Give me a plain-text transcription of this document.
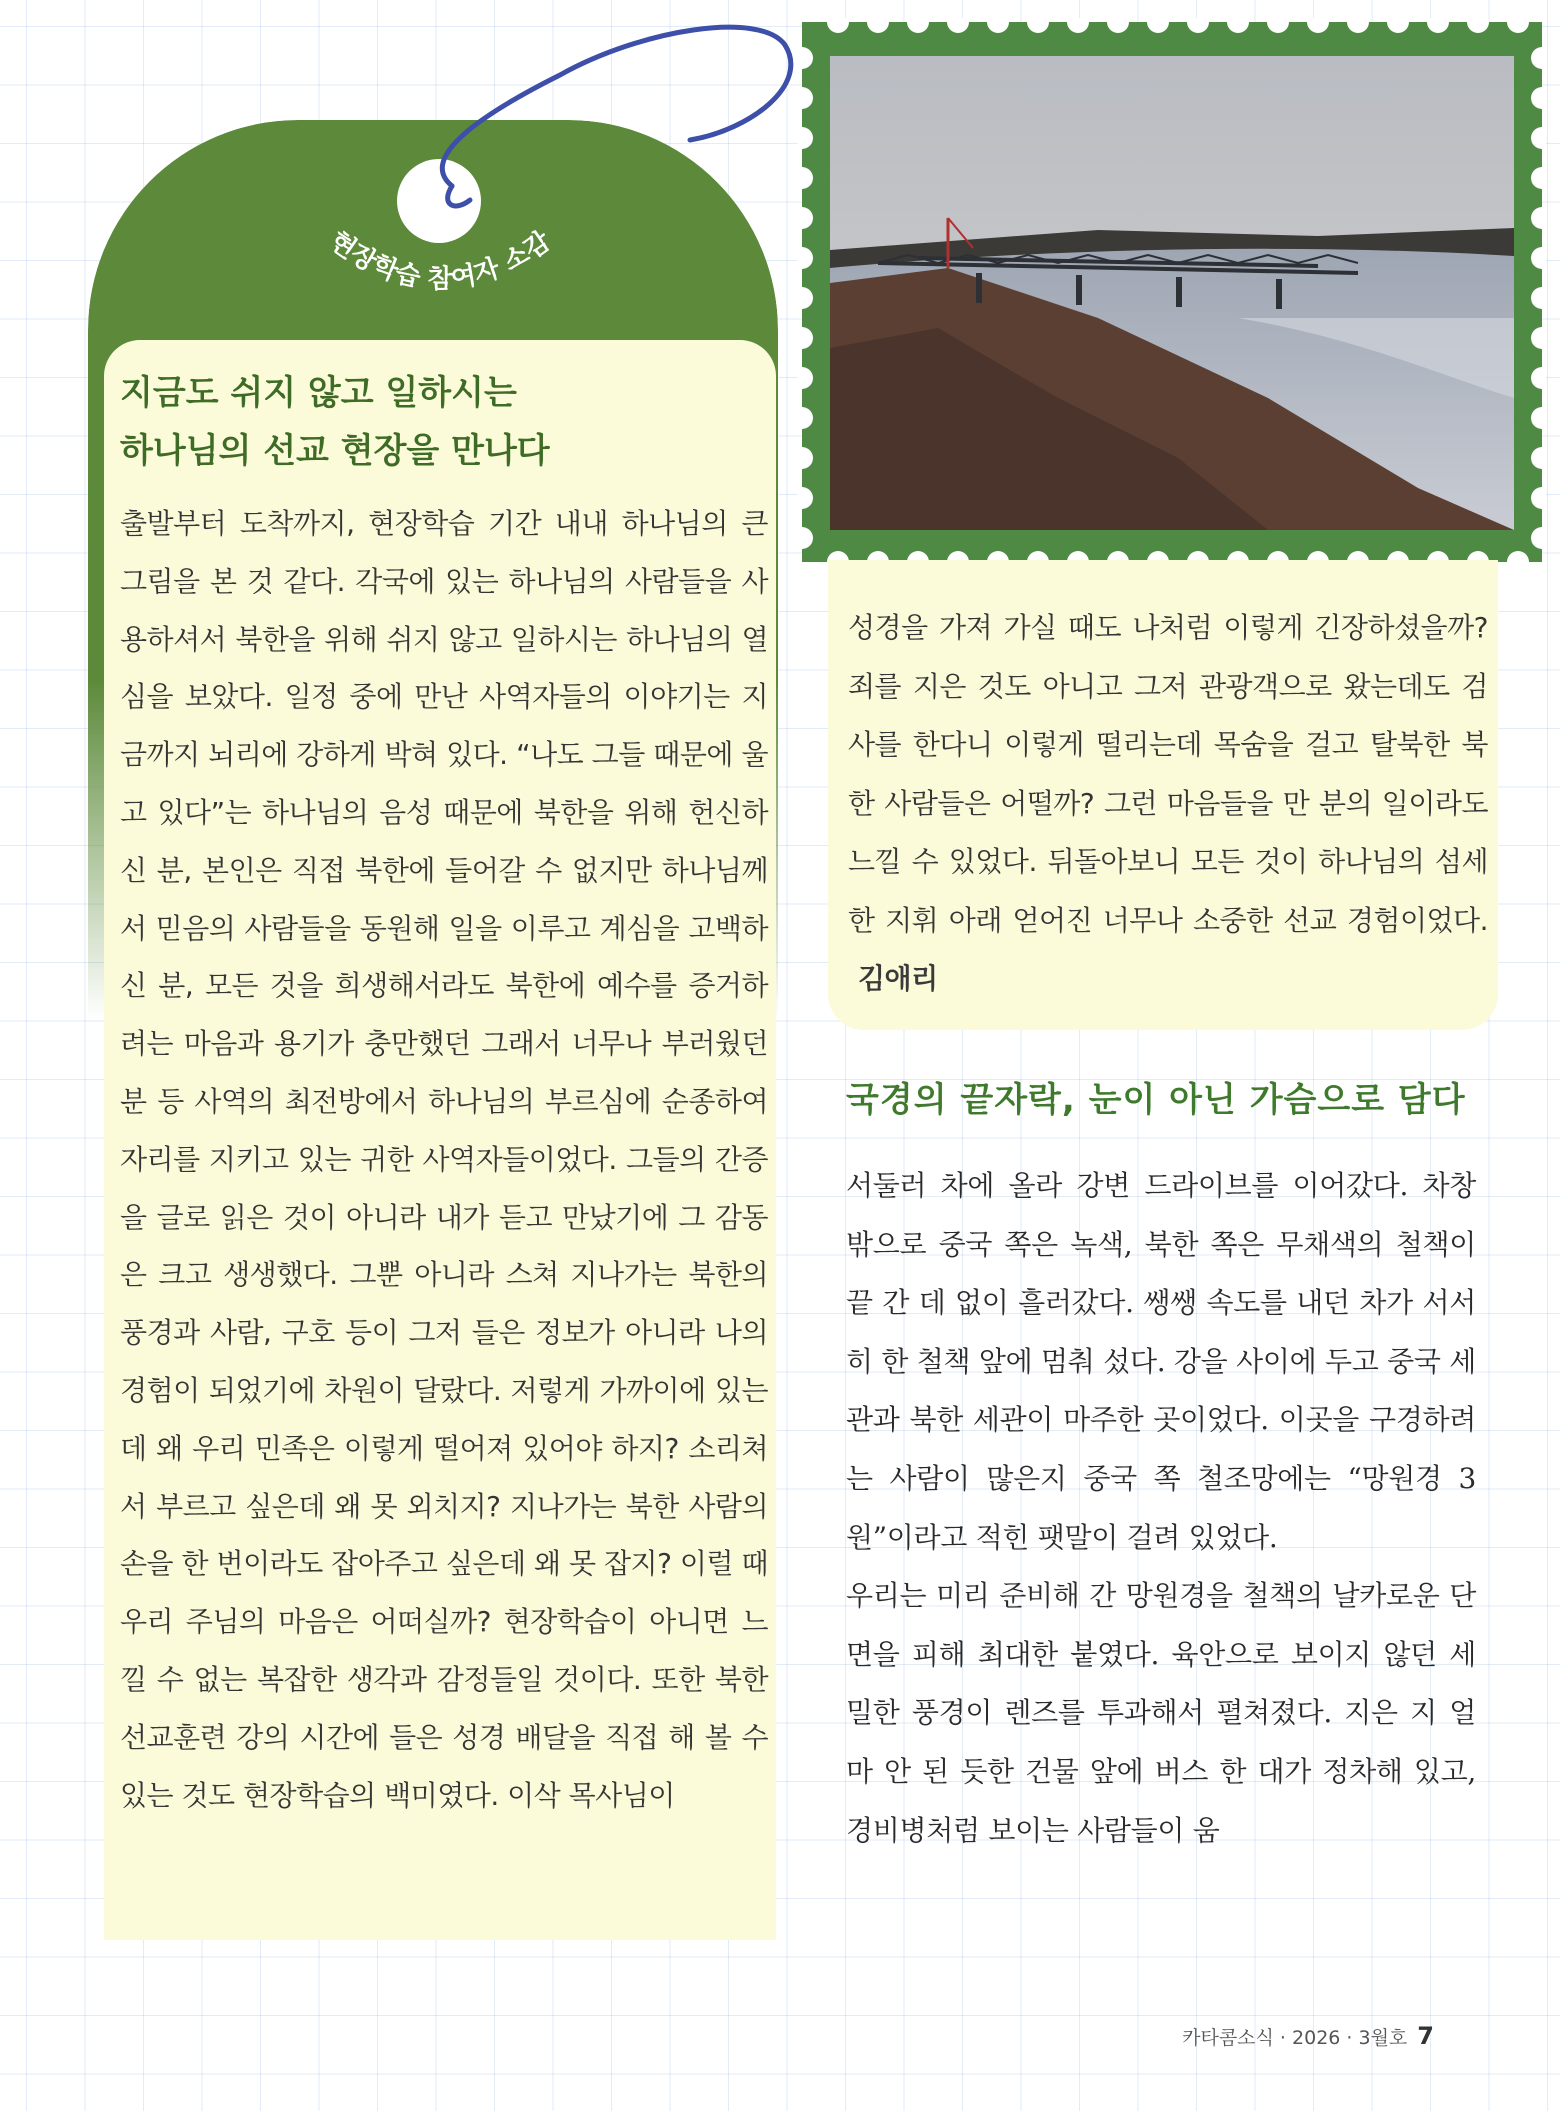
현장학습 참여자 소감
지금도 쉬지 않고 일하시는
하나님의 선교 현장을 만나다

출발부터 도착까지, 현장학습 기간 내내 하나님의 큰 그림을 본 것 같다. 각국에 있는 하나님의 사람들을 사용하셔서 북한을 위해 쉬지 않고 일하시는 하나님의 열심을 보았다. 일정 중에 만난 사역자들의 이야기는 지금까지 뇌리에 강하게 박혀 있다. “나도 그들 때문에 울고 있다”는 하나님의 음성 때문에 북한을 위해 헌신하신 분, 본인은 직접 북한에 들어갈 수 없지만 하나님께서 믿음의 사람들을 동원해 일을 이루고 계심을 고백하신 분, 모든 것을 희생해서라도 북한에 예수를 증거하려는 마음과 용기가 충만했던 그래서 너무나 부러웠던 분 등 사역의 최전방에서 하나님의 부르심에 순종하여 자리를 지키고 있는 귀한 사역자들이었다. 그들의 간증을 글로 읽은 것이 아니라 내가 듣고 만났기에 그 감동은 크고 생생했다. 그뿐 아니라 스쳐 지나가는 북한의 풍경과 사람, 구호 등이 그저 들은 정보가 아니라 나의 경험이 되었기에 차원이 달랐다. 저렇게 가까이에 있는데 왜 우리 민족은 이렇게 떨어져 있어야 하지? 소리쳐서 부르고 싶은데 왜 못 외치지? 지나가는 북한 사람의 손을 한 번이라도 잡아주고 싶은데 왜 못 잡지? 이럴 때 우리 주님의 마음은 어떠실까? 현장학습이 아니면 느낄 수 없는 복잡한 생각과 감정들일 것이다. 또한 북한 선교훈련 강의 시간에 들은 성경 배달을 직접 해 볼 수 있는 것도 현장학습의 백미였다. 이삭 목사님이

성경을 가져 가실 때도 나처럼 이렇게 긴장하셨을까? 죄를 지은 것도 아니고 그저 관광객으로 왔는데도 검사를 한다니 이렇게 떨리는데 목숨을 걸고 탈북한 북한 사람들은 어떨까? 그런 마음들을 만 분의 일이라도 느낄 수 있었다. 뒤돌아보니 모든 것이 하나님의 섬세한 지휘 아래 얻어진 너무나 소중한 선교 경험이었다.김애리

국경의 끝자락, 눈이 아닌 가슴으로 담다

서둘러 차에 올라 강변 드라이브를 이어갔다. 차창 밖으로 중국 쪽은 녹색, 북한 쪽은 무채색의 철책이 끝 간 데 없이 흘러갔다. 쌩쌩 속도를 내던 차가 서서히 한 철책 앞에 멈춰 섰다. 강을 사이에 두고 중국 세관과 북한 세관이 마주한 곳이었다. 이곳을 구경하려는 사람이 많은지 중국 쪽 철조망에는 “망원경 3원”이라고 적힌 팻말이 걸려 있었다.

우리는 미리 준비해 간 망원경을 철책의 날카로운 단면을 피해 최대한 붙였다. 육안으로 보이지 않던 세밀한 풍경이 렌즈를 투과해서 펼쳐졌다. 지은 지 얼마 안 된 듯한 건물 앞에 버스 한 대가 정차해 있고, 경비병처럼 보이는 사람들이 움

카타콤소식 · 2026 · 3월호 7
